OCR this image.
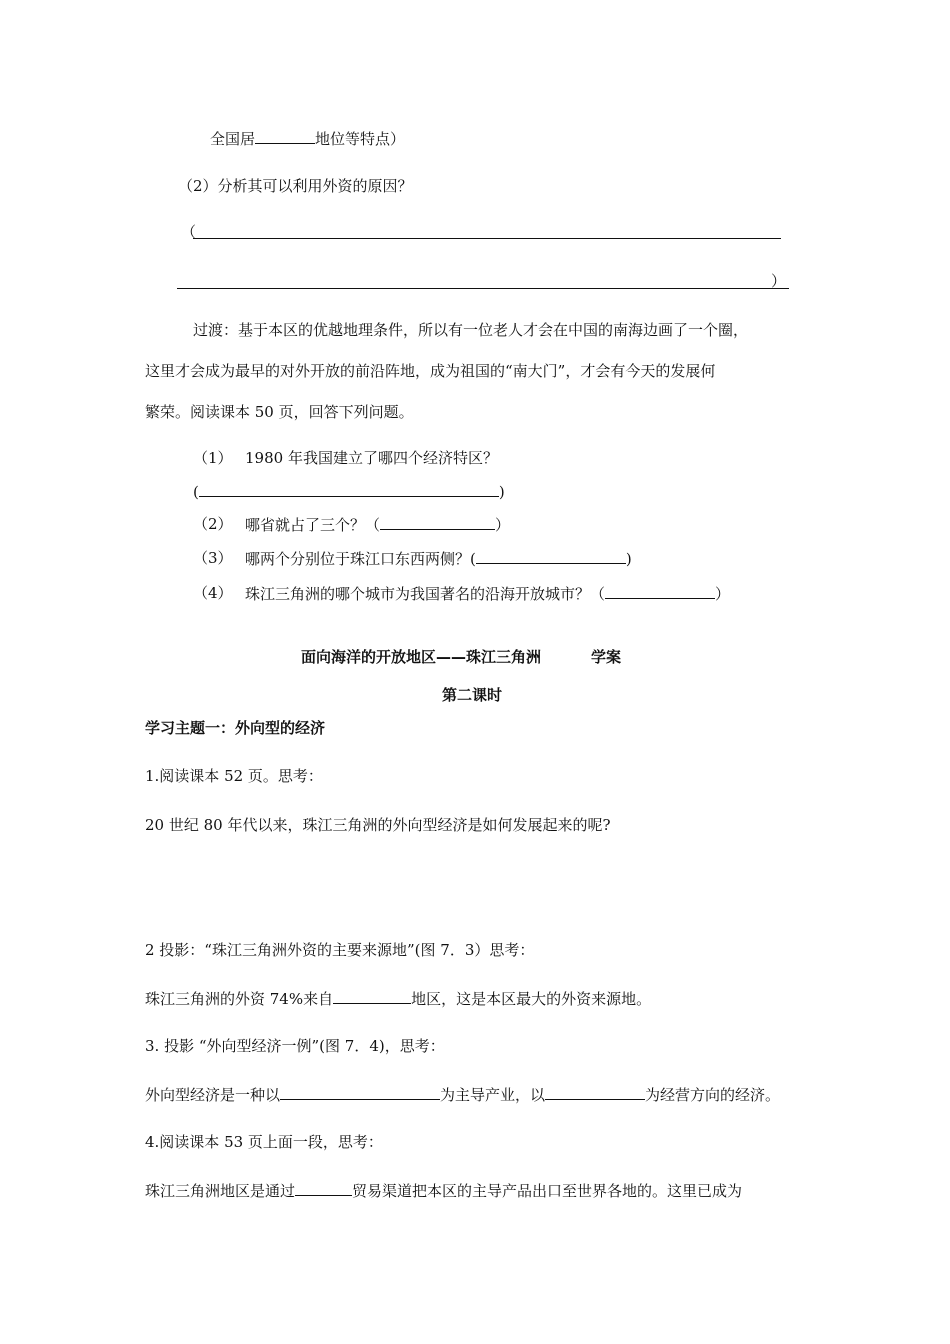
全国居	地位等特点）
（2）分析其可以利用外资的原因？
（
）
过渡：基于本区的优越地理条件，所以有一位老人才会在中国的南海边画了一个圈，
这里才会成为最早的对外开放的前沿阵地，成为祖国的“南大门”，才会有今天的发展何
繁荣。阅读课本 50 页，回答下列问题。
（1） 1980 年我国建立了哪四个经济特区？
(	)
（2） 哪省就占了三个？（	）
（3） 哪两个分别位于珠江口东西两侧？(	)
（4） 珠江三角洲的哪个城市为我国著名的沿海开放城市？（	）
面向海洋的开放地区——珠江三角洲	学案
第二课时
学习主题一：外向型的经济
1.阅读课本 52 页。思考：
20 世纪 80 年代以来，珠江三角洲的外向型经济是如何发展起来的呢?
2 投影：“珠江三角洲外资的主要来源地”(图 7．3）思考：
珠江三角洲的外资 74%来自	地区，这是本区最大的外资来源地。
3. 投影 “外向型经济一例”(图 7．4)，思考：
外向型经济是一种以	为主导产业，以	为经营方向的经济。
4.阅读课本 53 页上面一段，思考：
珠江三角洲地区是通过	贸易渠道把本区的主导产品出口至世界各地的。这里已成为
